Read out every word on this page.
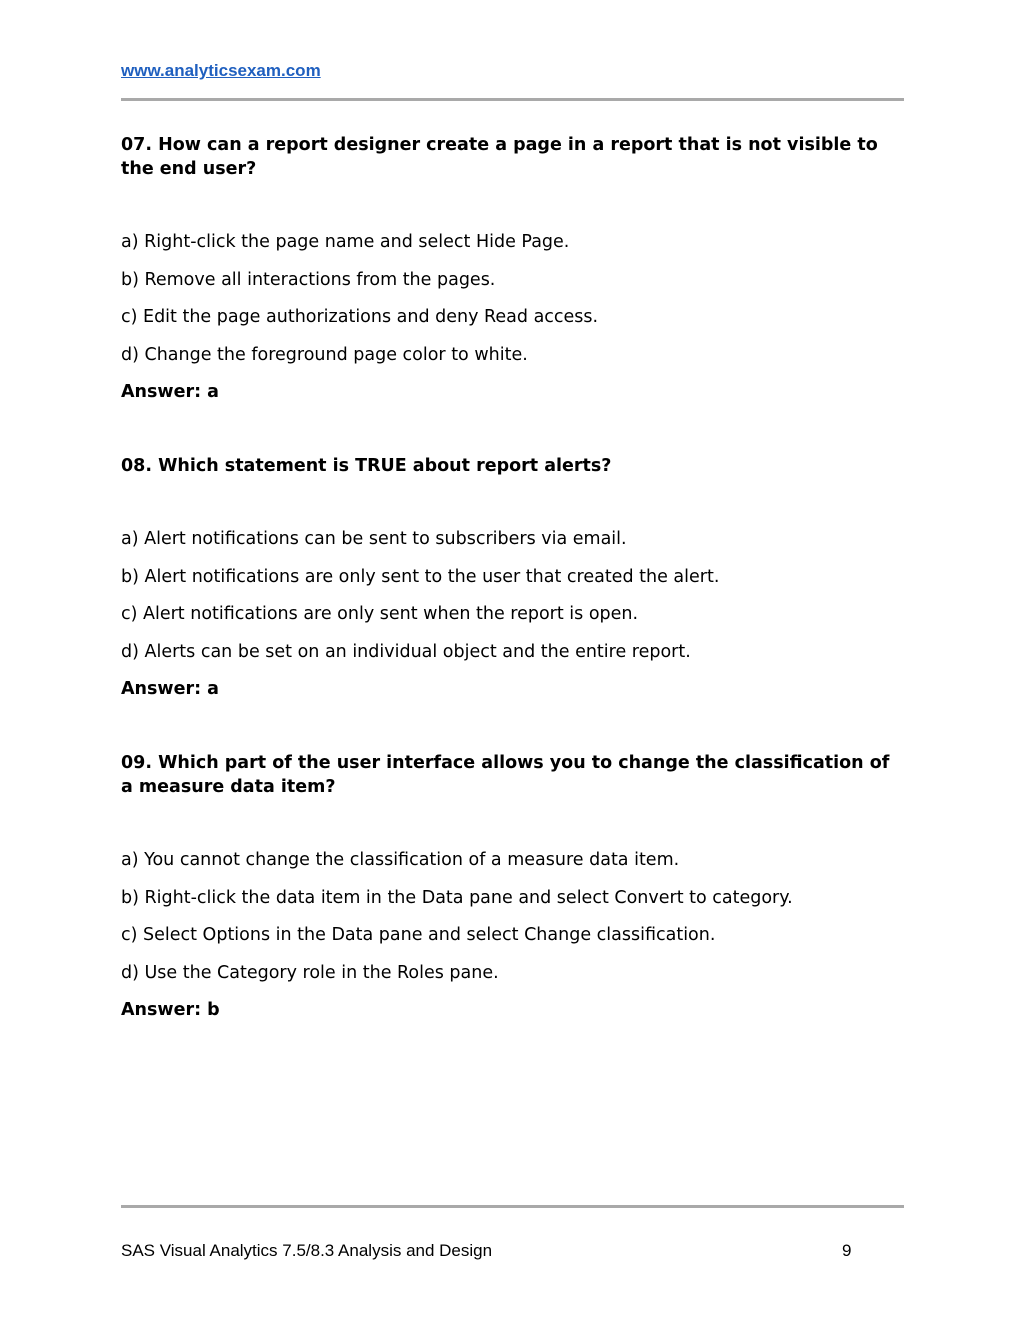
www.analyticsexam.com

07. How can a report designer create a page in a report that is not visible to the end user?

a) Right-click the page name and select Hide Page.

b) Remove all interactions from the pages.

c) Edit the page authorizations and deny Read access.

d) Change the foreground page color to white.

Answer: a

08. Which statement is TRUE about report alerts?

a) Alert notifications can be sent to subscribers via email.

b) Alert notifications are only sent to the user that created the alert.

c) Alert notifications are only sent when the report is open.

d) Alerts can be set on an individual object and the entire report.

Answer: a

09. Which part of the user interface allows you to change the classification of a measure data item?

a) You cannot change the classification of a measure data item.

b) Right-click the data item in the Data pane and select Convert to category.

c) Select Options in the Data pane and select Change classification.

d) Use the Category role in the Roles pane.

Answer: b

SAS Visual Analytics 7.5/8.3 Analysis and Design	9
